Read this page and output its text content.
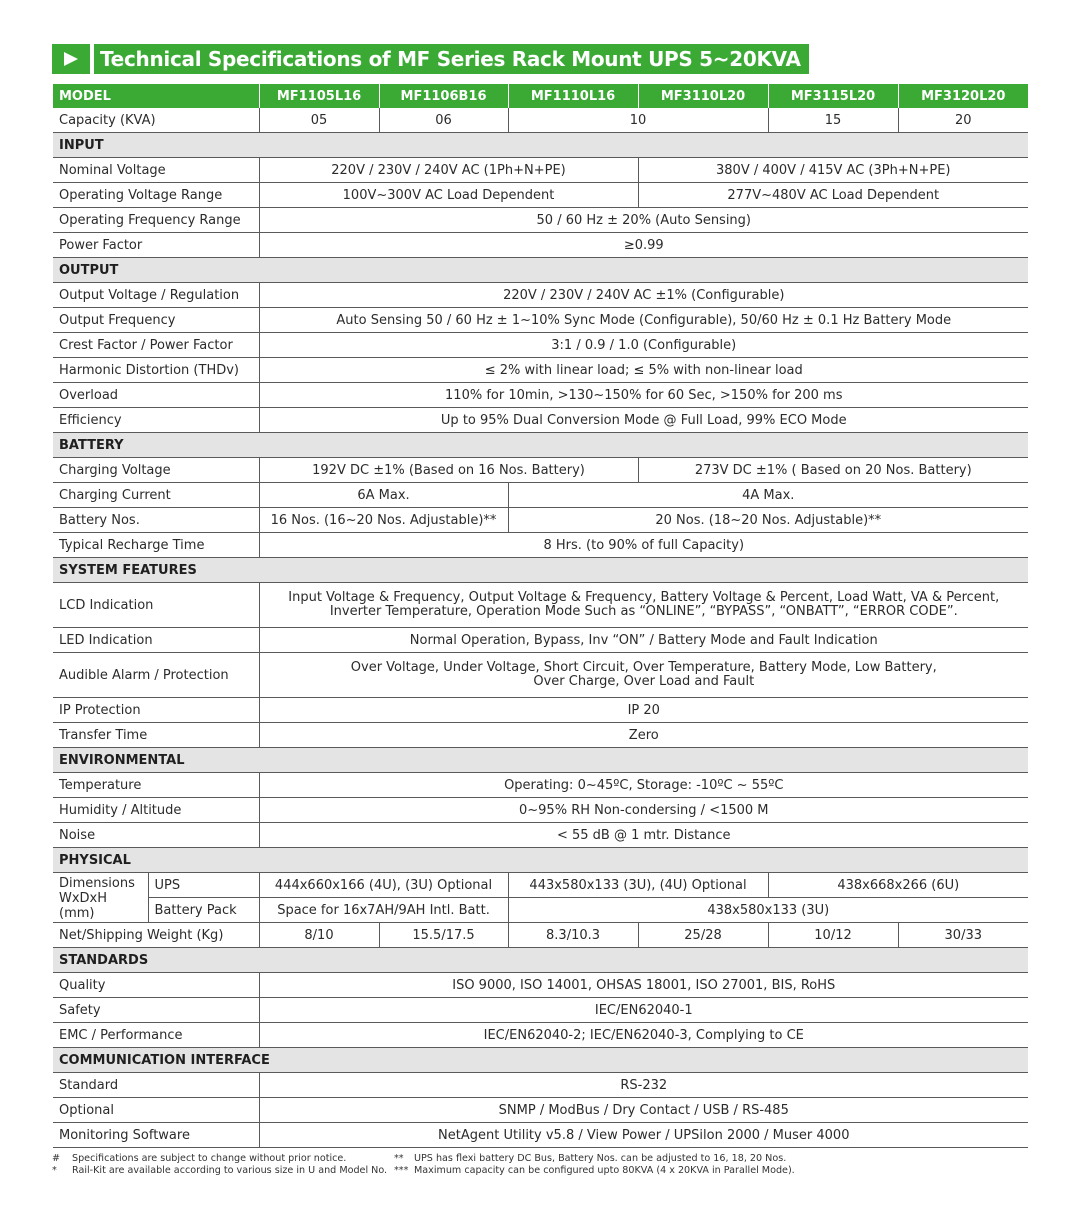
Technical Specifications of MF Series Rack Mount UPS 5~20KVA
MODEL		MF1105L16	MF1106B16	MF1110L16	MF3110L20	MF3115L20	MF3120L20
Capacity (KVA)		05	06	10		15	20
INPUT							
Nominal Voltage		220V / 230V / 240V AC (1Ph+N+PE)			380V / 400V / 415V AC (3Ph+N+PE)		
Operating Voltage Range		100V~300V AC Load Dependent			277V~480V AC Load Dependent		
Operating Frequency Range		50 / 60 Hz ± 20% (Auto Sensing)					
Power Factor		≥0.99					
OUTPUT							
Output Voltage / Regulation		220V / 230V / 240V AC ±1% (Configurable)					
Output Frequency		Auto Sensing 50 / 60 Hz ± 1~10% Sync Mode (Configurable), 50/60 Hz ± 0.1 Hz Battery Mode					
Crest Factor / Power Factor		3:1 / 0.9 / 1.0 (Configurable)					
Harmonic Distortion (THDv)		≤ 2% with linear load; ≤ 5% with non-linear load					
Overload		110% for 10min, >130~150% for 60 Sec, >150% for 200 ms					
Efficiency		Up to 95% Dual Conversion Mode @ Full Load, 99% ECO Mode					
BATTERY							
Charging Voltage		192V DC ±1% (Based on 16 Nos. Battery)			273V DC ±1% ( Based on 20 Nos. Battery)		
Charging Current		6A Max.		4A Max.			
Battery Nos.		16 Nos. (16~20 Nos. Adjustable)**		20 Nos. (18~20 Nos. Adjustable)**			
Typical Recharge Time		8 Hrs. (to 90% of full Capacity)					
SYSTEM FEATURES							
LCD Indication		Input Voltage & Frequency, Output Voltage & Frequency, Battery Voltage & Percent, Load Watt, VA & Percent,
Inverter Temperature, Operation Mode Such as “ONLINE”, “BYPASS”, “ONBATT”, “ERROR CODE”.					

LED Indication		Normal Operation, Bypass, Inv “ON” / Battery Mode and Fault Indication					
Audible Alarm / Protection		Over Voltage, Under Voltage, Short Circuit, Over Temperature, Battery Mode, Low Battery,
Over Charge, Over Load and Fault					

IP Protection		IP 20					
Transfer Time		Zero					
ENVIRONMENTAL							
Temperature		Operating: 0~45ºC, Storage: -10ºC ~ 55ºC					
Humidity / Altitude		0~95% RH Non-condersing / <1500 M					
Noise		< 55 dB @ 1 mtr. Distance					
PHYSICAL							
Dimensions WxDxH (mm)	UPS	444x660x166 (4U), (3U) Optional		443x580x133 (3U), (4U) Optional		438x668x266 (6U)	
	Battery Pack	Space for 16x7AH/9AH Intl. Batt.		438x580x133 (3U)			
Net/Shipping Weight (Kg)		8/10	15.5/17.5	8.3/10.3	25/28	10/12	30/33
STANDARDS							
Quality		ISO 9000, ISO 14001, OHSAS 18001, ISO 27001, BIS, RoHS					
Safety		IEC/EN62040-1					
EMC / Performance		IEC/EN62040-2; IEC/EN62040-3, Complying to CE					
COMMUNICATION INTERFACE							
Standard		RS-232					
Optional		SNMP / ModBus / Dry Contact / USB / RS-485					
Monitoring Software		NetAgent Utility v5.8 / View Power / UPSilon 2000 / Muser 4000					
#	Specifications are subject to change without prior notice.	**	UPS has flexi battery DC Bus, Battery Nos. can be adjusted to 16, 18, 20 Nos.
*	Rail-Kit are available according to various size in U and Model No. *** Maximum capacity can be configured upto 80KVA (4 x 20KVA in Parallel Mode).
